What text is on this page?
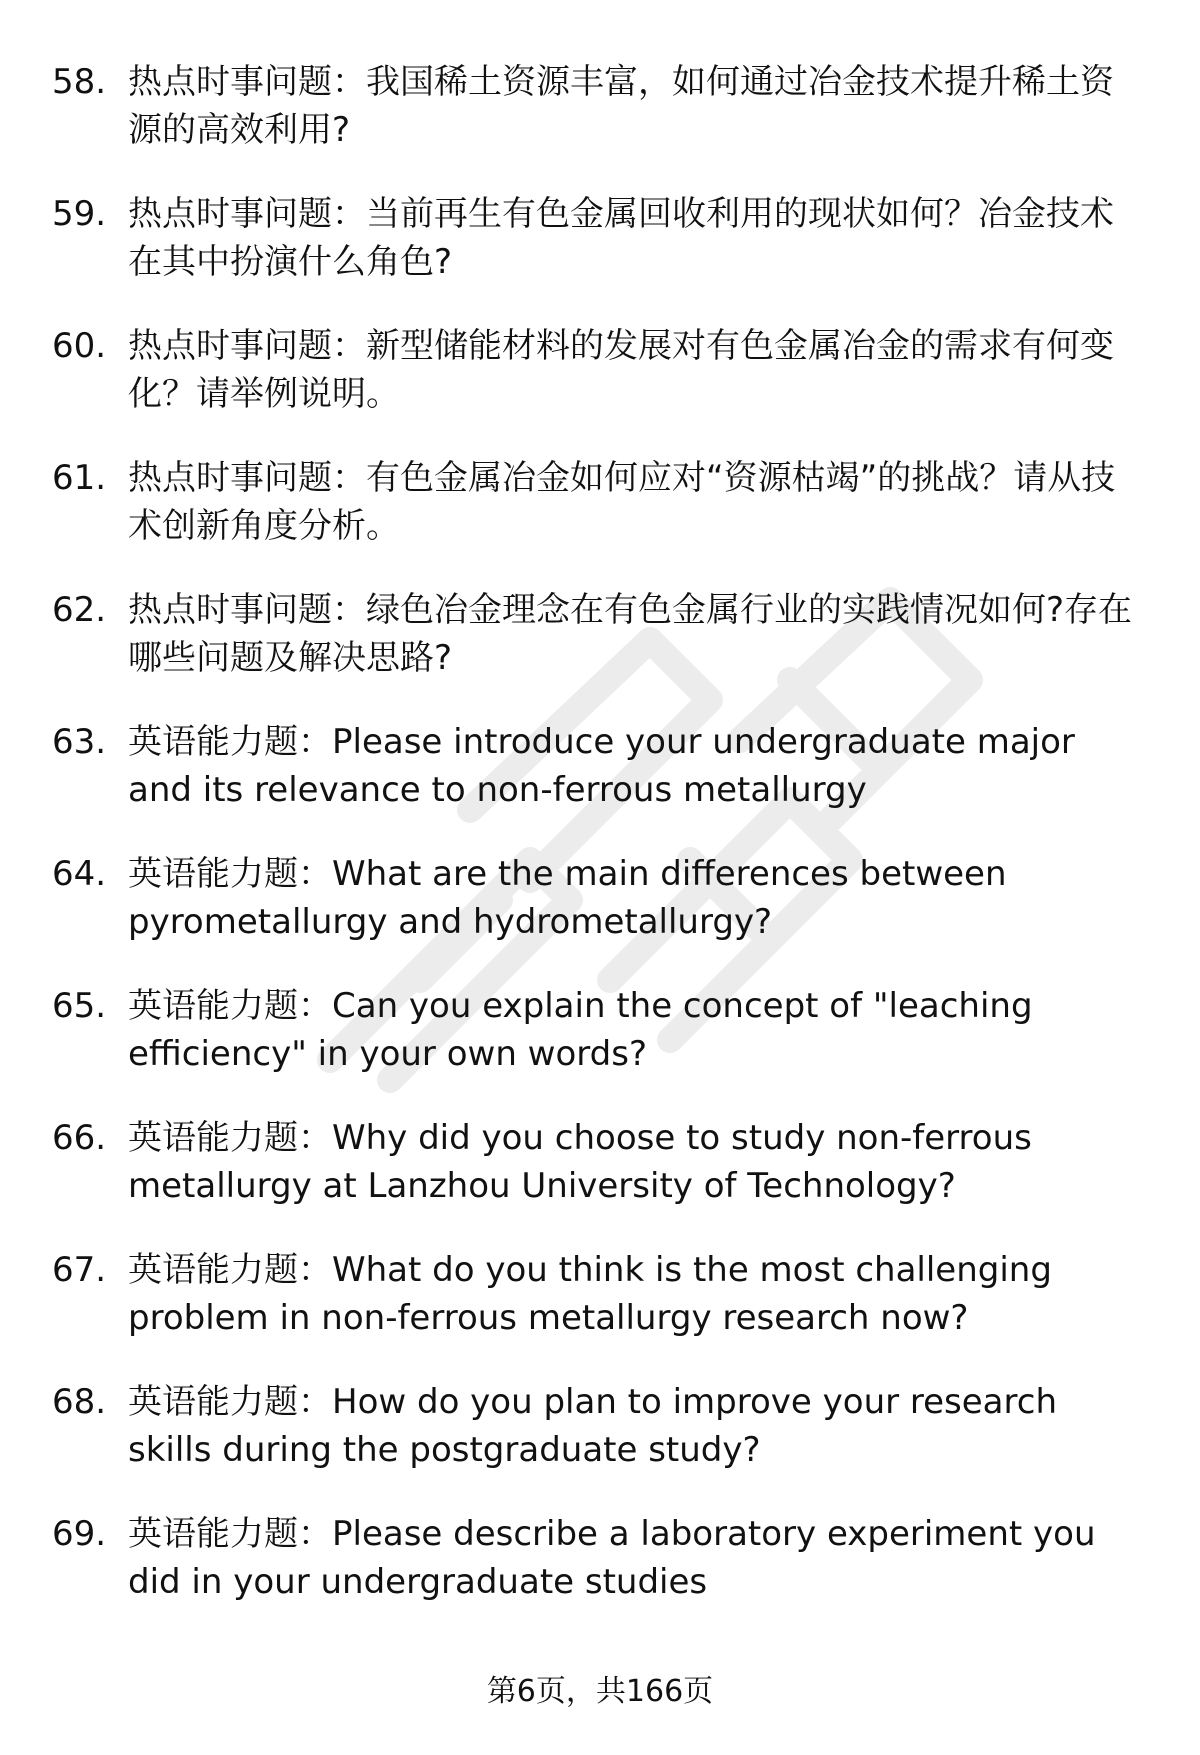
58. 热点时事问题：我国稀土资源丰富，如何通过冶金技术提升稀土资源的高效利用?
59. 热点时事问题：当前再生有色金属回收利用的现状如何？冶金技术在其中扮演什么角色?
60. 热点时事问题：新型储能材料的发展对有色金属冶金的需求有何变化？请举例说明。
61. 热点时事问题：有色金属冶金如何应对“资源枯竭”的挑战？请从技术创新角度分析。
62. 热点时事问题：绿色冶金理念在有色金属行业的实践情况如何?存在哪些问题及解决思路?
63. 英语能力题：Please introduce your undergraduate major and its relevance to non-ferrous metallurgy
64. 英语能力题：What are the main differences between pyrometallurgy and hydrometallurgy?
65. 英语能力题：Can you explain the concept of "leaching efficiency" in your own words?
66. 英语能力题：Why did you choose to study non-ferrous metallurgy at Lanzhou University of Technology?
67. 英语能力题：What do you think is the most challenging problem in non-ferrous metallurgy research now?
68. 英语能力题：How do you plan to improve your research skills during the postgraduate study?
69. 英语能力题：Please describe a laboratory experiment you did in your undergraduate studies
第6页，共166页
